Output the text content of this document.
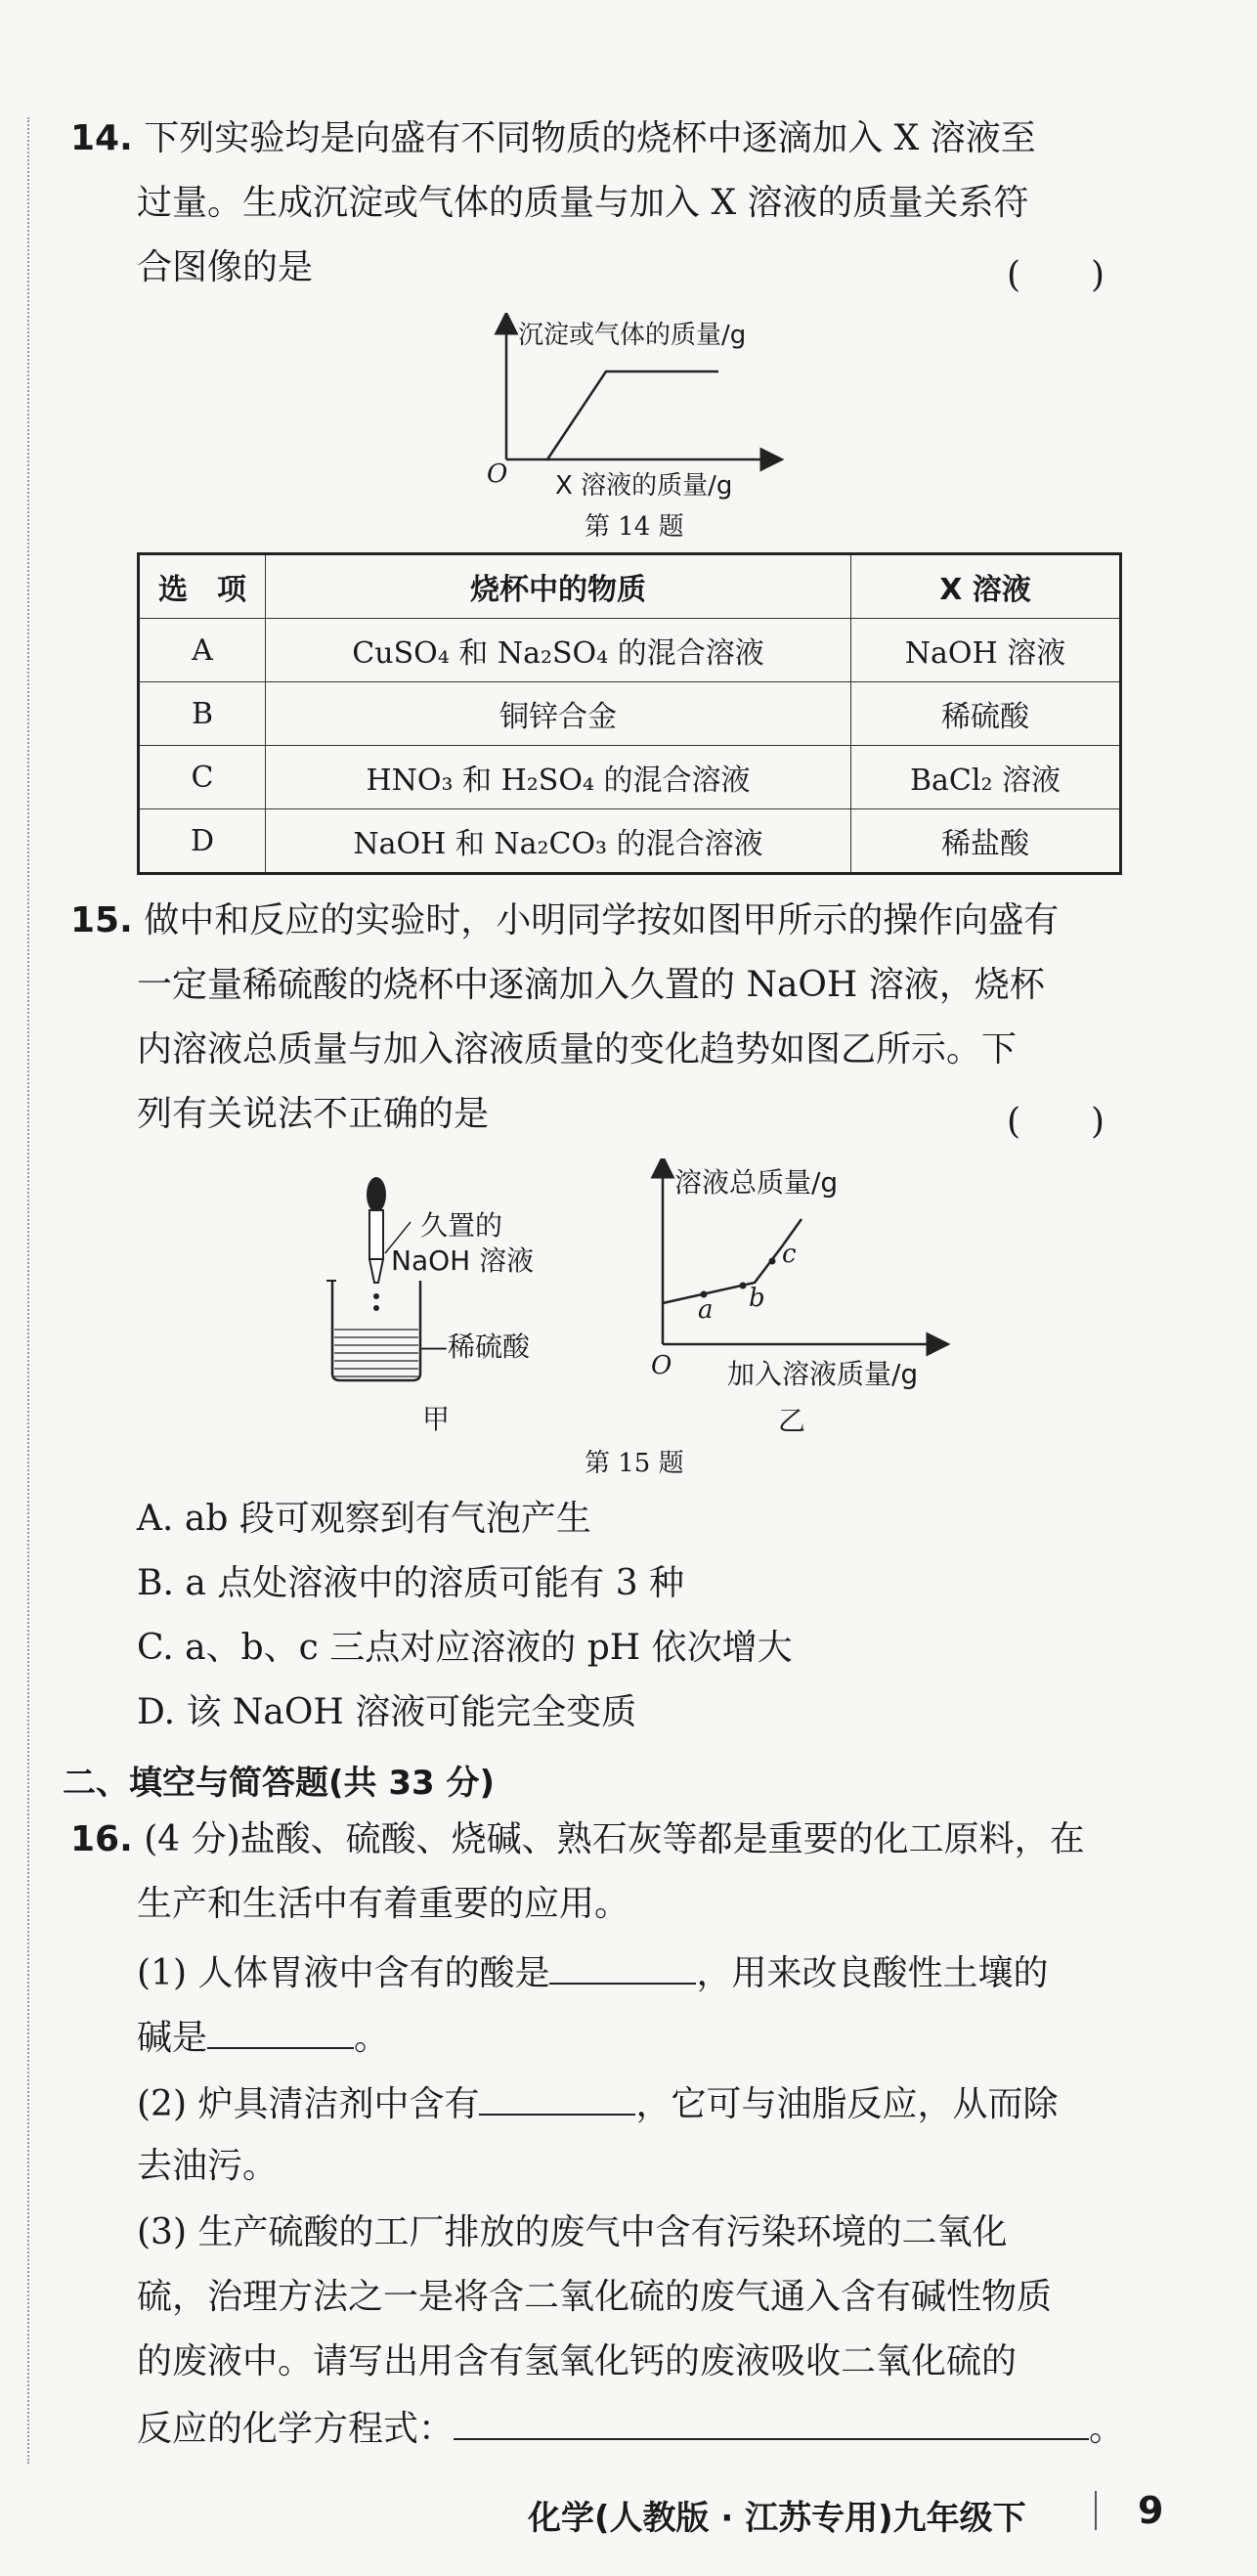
14. 下列实验均是向盛有不同物质的烧杯中逐滴加入 X 溶液至
过量。生成沉淀或气体的质量与加入 X 溶液的质量关系符
合图像的是	(　　)
沉淀或气体的质量/g
O X 溶液的质量/g
第 14 题
选　项	烧杯中的物质	X 溶液
A	CuSO₄ 和 Na₂SO₄ 的混合溶液	NaOH 溶液
B	铜锌合金	稀硫酸
C	HNO₃ 和 H₂SO₄ 的混合溶液	BaCl₂ 溶液
D	NaOH 和 Na₂CO₃ 的混合溶液	稀盐酸
15. 做中和反应的实验时，小明同学按如图甲所示的操作向盛有
一定量稀硫酸的烧杯中逐滴加入久置的 NaOH 溶液，烧杯
内溶液总质量与加入溶液质量的变化趋势如图乙所示。下
列有关说法不正确的是	(　　)
久置的
NaOH 溶液
—稀硫酸
甲
溶液总质量/g
a b
c
O 加入溶液质量/g
乙
第 15 题
A. ab 段可观察到有气泡产生
B. a 点处溶液中的溶质可能有 3 种
C. a、b、c 三点对应溶液的 pH 依次增大
D. 该 NaOH 溶液可能完全变质
二、填空与简答题(共 33 分)
16. (4 分)盐酸、硫酸、烧碱、熟石灰等都是重要的化工原料，在
生产和生活中有着重要的应用。
(1) 人体胃液中含有的酸是	，用来改良酸性土壤的
碱是	。
(2) 炉具清洁剂中含有	，它可与油脂反应，从而除
去油污。
(3) 生产硫酸的工厂排放的废气中含有污染环境的二氧化
硫，治理方法之一是将含二氧化硫的废气通入含有碱性物质
的废液中。请写出用含有氢氧化钙的废液吸收二氧化硫的
反应的化学方程式：	。
化学(人教版 · 江苏专用)九年级下	9
